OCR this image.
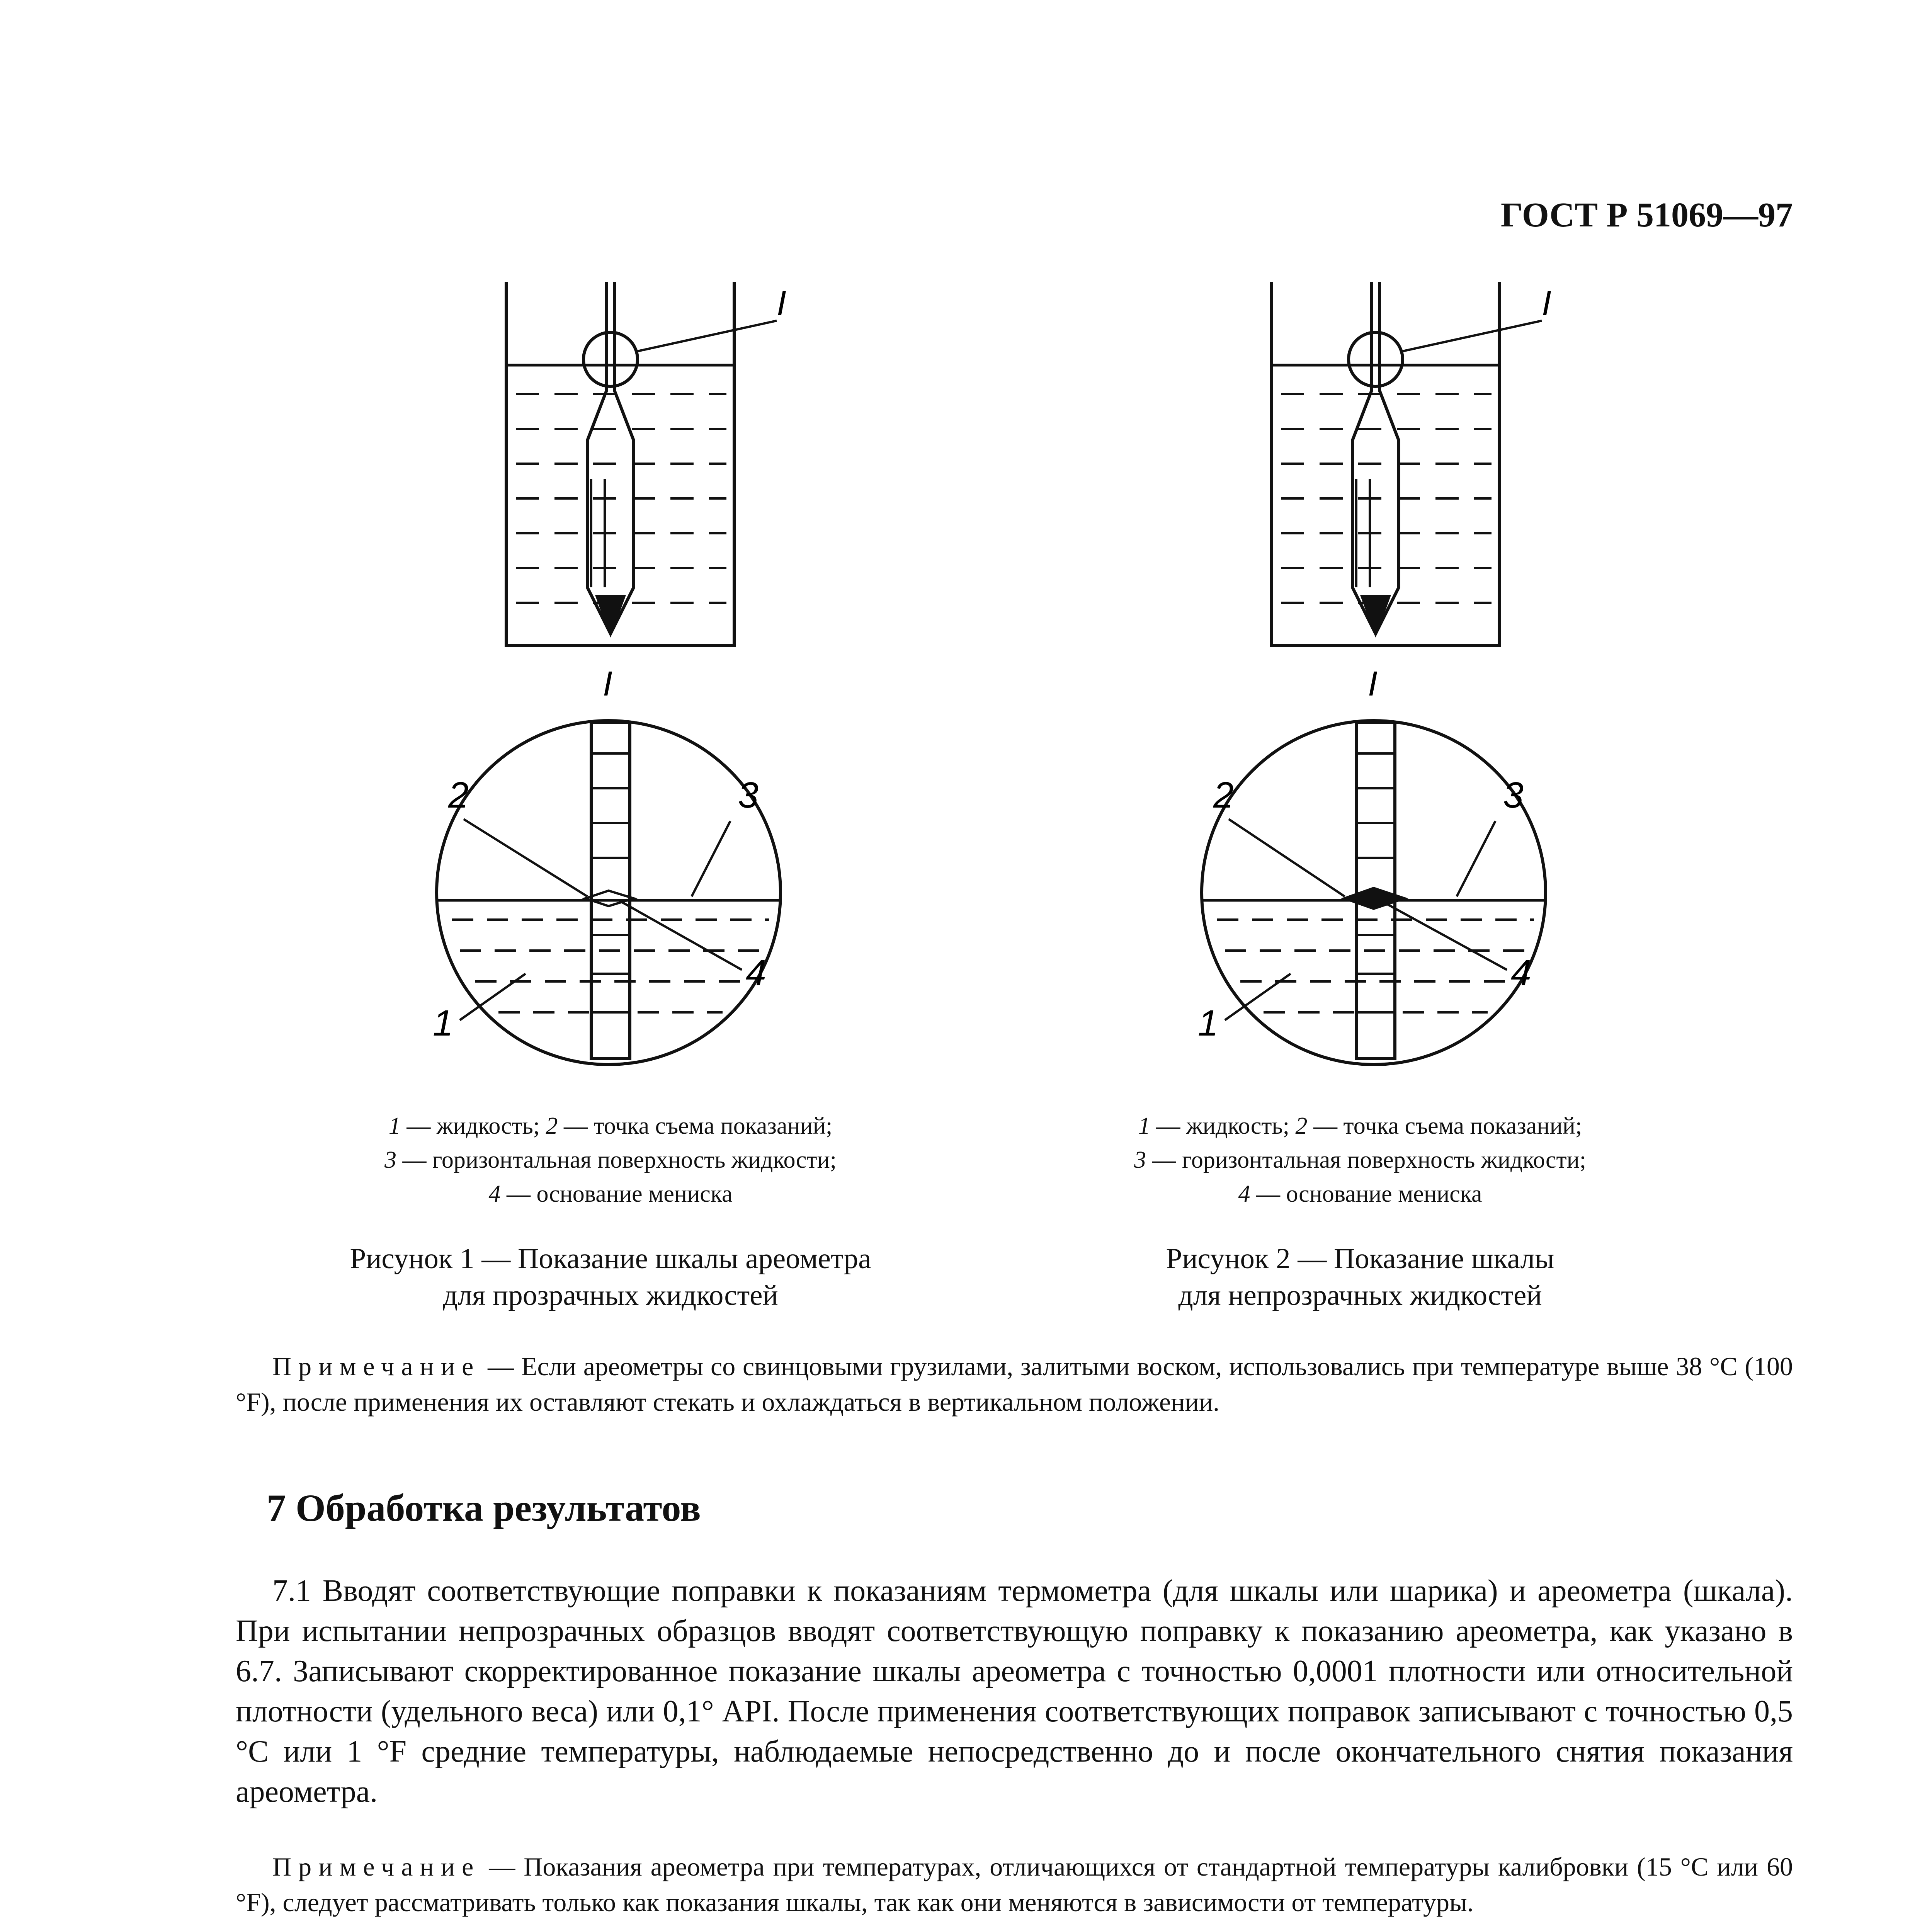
ГОСТ Р 51069—97
I
I
2	3
4
1
I
I
2	3
4
1
1 — жидкость; 2 — точка съема показаний;
3 — горизонтальная поверхность жидкости;
4 — основание мениска
1 — жидкость; 2 — точка съема показаний;
3 — горизонтальная поверхность жидкости;
4 — основание мениска
Рисунок 1 — Показание шкалы ареометра
для прозрачных жидкостей
Рисунок 2 — Показание шкалы
для непрозрачных жидкостей
Примечание — Если ареометры со свинцовыми грузилами, залитыми воском, использовались при температуре выше 38 °С (100 °F), после применения их оставляют стекать и охлаждаться в вертикальном положении.
7 Обработка результатов
7.1 Вводят соответствующие поправки к показаниям термометра (для шкалы или шарика) и ареометра (шкала). При испытании непрозрачных образцов вводят соответствующую поправку к показанию ареометра, как указано в 6.7. Записывают скорректированное показание шкалы ареометра с точностью 0,0001 плотности или относительной плотности (удельного веса) или 0,1° API. После применения соответствующих поправок записывают с точностью 0,5 °С или 1 °F средние температуры, наблюдаемые непосредственно до и после окончательного снятия показания ареометра.
Примечание — Показания ареометра при температурах, отличающихся от стандартной температуры калибровки (15 °С или 60 °F), следует рассматривать только как показания шкалы, так как они меняются в зависимости от температуры.
